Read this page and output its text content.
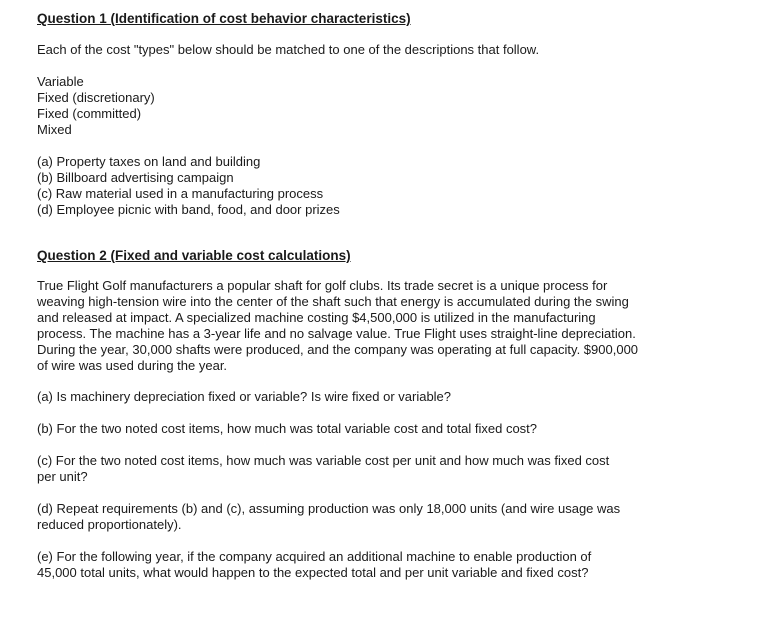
Question 1 (Identification of cost behavior characteristics)

Each of the cost "types" below should be matched to one of the descriptions that follow.

Variable
Fixed (discretionary)
Fixed (committed)
Mixed
(a) Property taxes on land and building
(b) Billboard advertising campaign
(c) Raw material used in a manufacturing process
(d) Employee picnic with band, food, and door prizes

Question 2 (Fixed and variable cost calculations)

True Flight Golf manufacturers a popular shaft for golf clubs. Its trade secret is a unique process for
weaving high-tension wire into the center of the shaft such that energy is accumulated during the swing
and released at impact. A specialized machine costing $4,500,000 is utilized in the manufacturing
process. The machine has a 3-year life and no salvage value. True Flight uses straight-line depreciation.
During the year, 30,000 shafts were produced, and the company was operating at full capacity. $900,000
of wire was used during the year.

(a) Is machinery depreciation fixed or variable? Is wire fixed or variable?

(b) For the two noted cost items, how much was total variable cost and total fixed cost?

(c) For the two noted cost items, how much was variable cost per unit and how much was fixed cost
per unit?
(d) Repeat requirements (b) and (c), assuming production was only 18,000 units (and wire usage was
reduced proportionately).
(e) For the following year, if the company acquired an additional machine to enable production of
45,000 total units, what would happen to the expected total and per unit variable and fixed cost?
